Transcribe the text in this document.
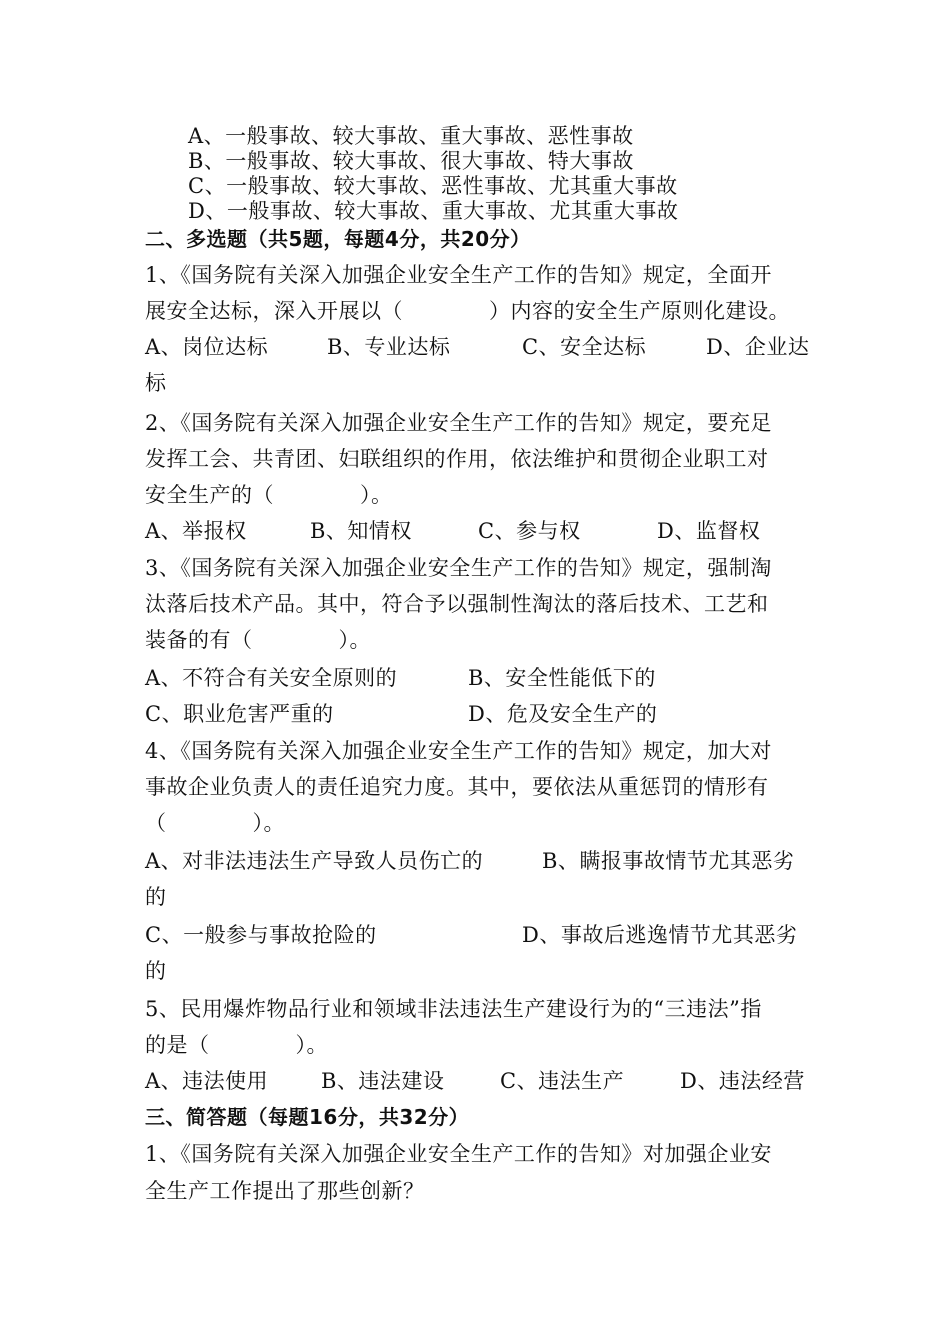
A、一般事故、较大事故、重大事故、恶性事故
B、一般事故、较大事故、很大事故、特大事故
C、一般事故、较大事故、恶性事故、尤其重大事故
D、一般事故、较大事故、重大事故、尤其重大事故
二、多选题（共5题，每题4分，共20分）
1、《国务院有关深入加强企业安全生产工作的告知》规定，全面开
展安全达标，深入开展以（　　　　）内容的安全生产原则化建设。
A、岗位达标	B、专业达标	C、安全达标	D、企业达
标
2、《国务院有关深入加强企业安全生产工作的告知》规定，要充足
发挥工会、共青团、妇联组织的作用，依法维护和贯彻企业职工对
安全生产的（　　　　）。
A、举报权	B、知情权	C、参与权	D、监督权
3、《国务院有关深入加强企业安全生产工作的告知》规定，强制淘
汰落后技术产品。其中，符合予以强制性淘汰的落后技术、工艺和
装备的有（　　　　）。
A、不符合有关安全原则的	B、安全性能低下的
C、职业危害严重的	D、危及安全生产的
4、《国务院有关深入加强企业安全生产工作的告知》规定，加大对
事故企业负责人的责任追究力度。其中，要依法从重惩罚的情形有
（　　　　）。
A、对非法违法生产导致人员伤亡的	B、瞒报事故情节尤其恶劣
的
C、一般参与事故抢险的	D、事故后逃逸情节尤其恶劣
的
5、民用爆炸物品行业和领域非法违法生产建设行为的“三违法”指
的是（　　　　）。
A、违法使用	B、违法建设	C、违法生产	D、违法经营
三、简答题（每题16分，共32分）
1、《国务院有关深入加强企业安全生产工作的告知》对加强企业安
全生产工作提出了那些创新？
